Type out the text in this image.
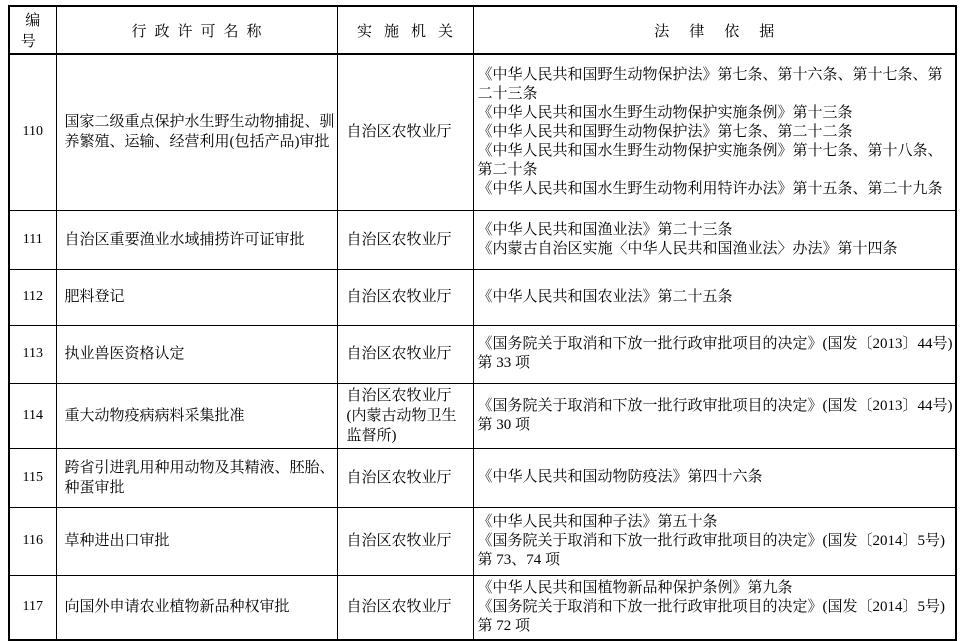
编号	行政许可名称	实施机关	法律依据
110	国家二级重点保护水生野生动物捕捉、驯养繁殖、运输、经营利用(包括产品)审批	自治区农牧业厅	《中华人民共和国野生动物保护法》第七条、第十六条、第十七条、第二十三条
《中华人民共和国水生野生动物保护实施条例》第十三条
《中华人民共和国野生动物保护法》第七条、第二十二条
《中华人民共和国水生野生动物保护实施条例》第十七条、第十八条、第二十条
《中华人民共和国水生野生动物利用特许办法》第十五条、第二十九条

111	自治区重要渔业水域捕捞许可证审批	自治区农牧业厅	《中华人民共和国渔业法》第二十三条
《内蒙古自治区实施〈中华人民共和国渔业法〉办法》第十四条

112	肥料登记	自治区农牧业厅	《中华人民共和国农业法》第二十五条

113	执业兽医资格认定	自治区农牧业厅	《国务院关于取消和下放一批行政审批项目的决定》(国发〔2013〕44号)第 33 项

114	重大动物疫病病料采集批准	自治区农牧业厅(内蒙古动物卫生监督所)	《国务院关于取消和下放一批行政审批项目的决定》(国发〔2013〕44号)第 30 项

115	跨省引进乳用种用动物及其精液、胚胎、种蛋审批	自治区农牧业厅	《中华人民共和国动物防疫法》第四十六条

116	草种进出口审批	自治区农牧业厅	《中华人民共和国种子法》第五十条
《国务院关于取消和下放一批行政审批项目的决定》(国发〔2014〕5号)第 73、74 项

117	向国外申请农业植物新品种权审批	自治区农牧业厅	《中华人民共和国植物新品种保护条例》第九条
《国务院关于取消和下放一批行政审批项目的决定》(国发〔2014〕5号)第 72 项
